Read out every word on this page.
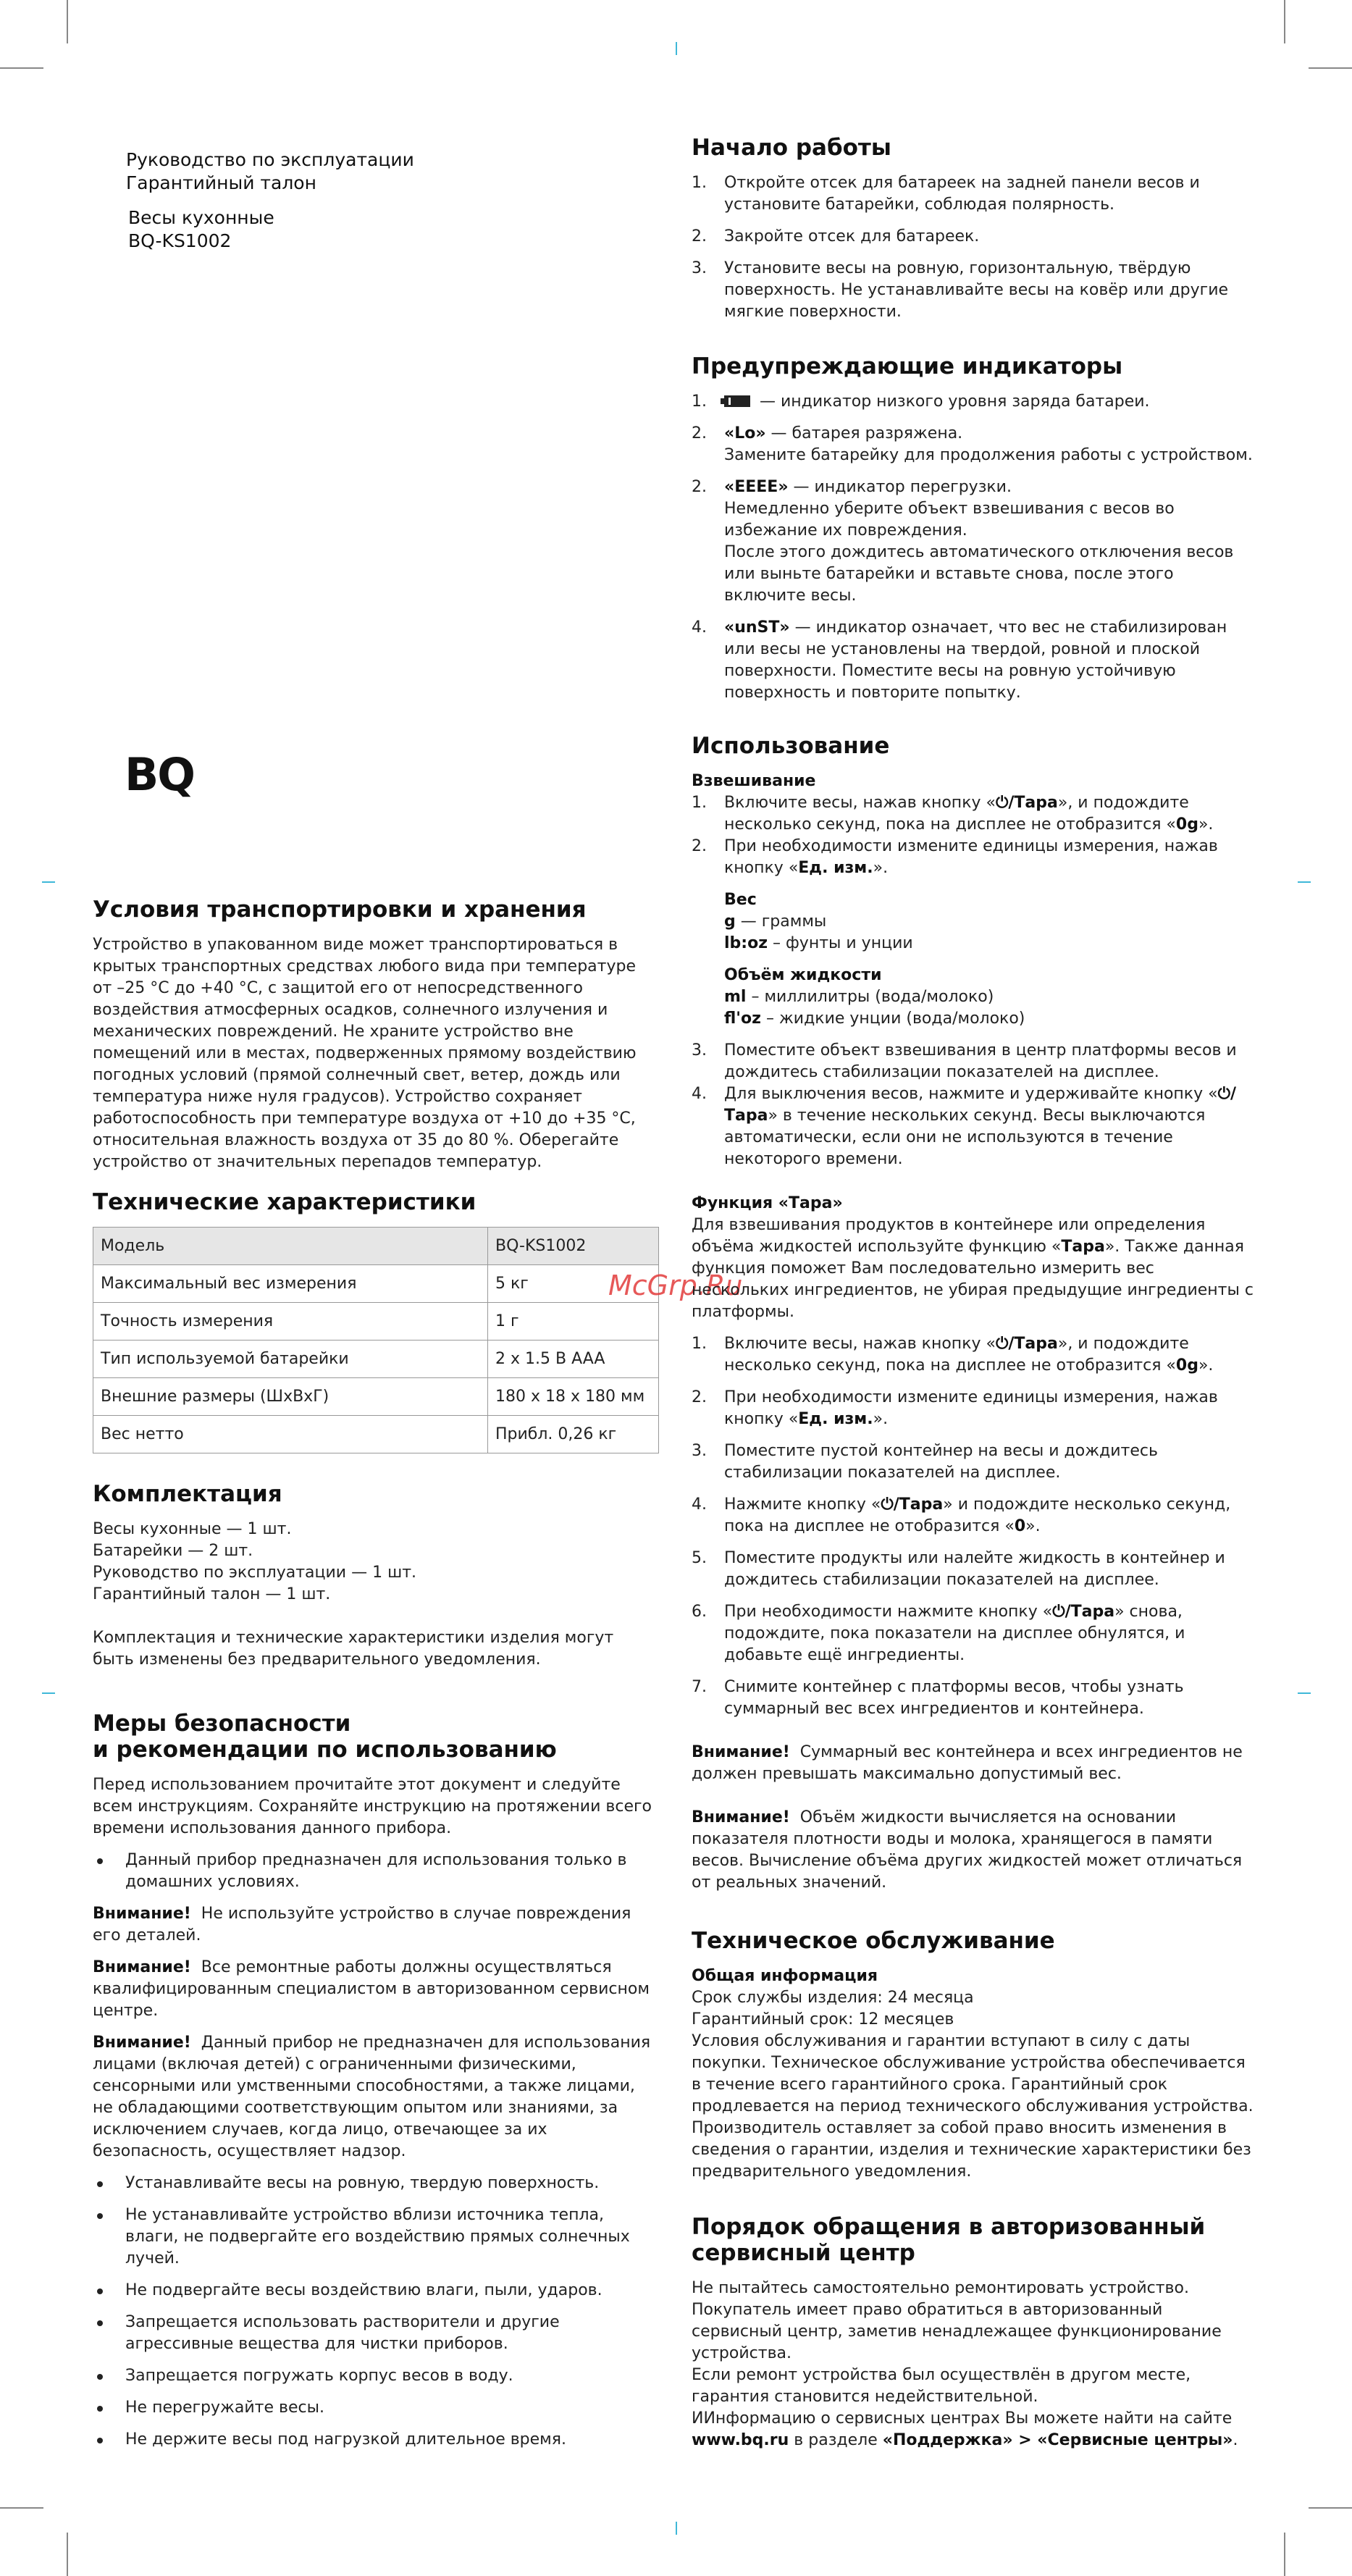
Руководство по эксплуатации
Гарантийный талон
Весы кухонные
BQ-KS1002
BQ
Условия транспортировки и хранения

Устройство в упакованном виде может транспортироваться в крытых транспортных средствах любого вида при температуре от –25 °C до +40 °C, с защитой его от непосредственного воздействия атмосферных осадков, солнечного излучения и механических повреждений. Не храните устройство вне помещений или в местах, подверженных прямому воздействию погодных условий (прямой солнечный свет, ветер, дождь или температура ниже нуля градусов). Устройство сохраняет работоспособность при температуре воздуха от +10 до +35 °C, относительная влажность воздуха от 35 до 80 %. Оберегайте устройство от значительных перепадов температур.

Технические характеристики
Модель	BQ-KS1002
Максимальный вес измерения	5 кг
Точность измерения	1 г
Тип используемой батарейки	2 x 1.5 В AAA
Внешние размеры (ШxВxГ)	180 x 18 x 180 мм
Вес нетто	Прибл. 0,26 кг
Комплектация

Весы кухонные — 1 шт.

Батарейки — 2 шт.

Руководство по эксплуатации — 1 шт.

Гарантийный талон — 1 шт.

Комплектация и технические характеристики изделия могут быть изменены без предварительного уведомления.

Меры безопасности
и рекомендации по использованию

Перед использованием прочитайте этот документ и следуйте всем инструкциям. Сохраняйте инструкцию на протяжении всего времени использования данного прибора.

Данный прибор предназначен для использования только в домашних условиях.

Внимание! Не используйте устройство в случае повреждения его деталей.

Внимание! Все ремонтные работы должны осуществляться квалифицированным специалистом в авторизованном сервисном центре.

Внимание! Данный прибор не предназначен для использования лицами (включая детей) с ограниченными физическими, сенсорными или умственными способностями, а также лицами, не обладающими соответствующим опытом или знаниями, за исключением случаев, когда лицо, отвечающее за их безопасность, осуществляет надзор.

Устанавливайте весы на ровную, твердую поверхность.
Не устанавливайте устройство вблизи источника тепла, влаги, не подвергайте его воздействию прямых солнечных лучей.
Не подвергайте весы воздействию влаги, пыли, ударов.
Запрещается использовать растворители и другие агрессивные вещества для чистки приборов.
Запрещается погружать корпус весов в воду.
Не перегружайте весы.
Не держите весы под нагрузкой длительное время.
McGrp.Ru
Начало работы
1. Откройте отсек для батареек на задней панели весов и установите батарейки, соблюдая полярность.
2. Закройте отсек для батареек.
3. Установите весы на ровную, горизонтальную, твёрдую поверхность. Не устанавливайте весы на ковёр или другие мягкие поверхности.
Предупреждающие индикаторы
1.	— индикатор низкого уровня заряда батареи.
2. «Lo» — батарея разряжена.
Замените батарейку для продолжения работы с устройством.
2. «EEEE» — индикатор перегрузки.
Немедленно уберите объект взвешивания с весов во избежание их повреждения.
После этого дождитесь автоматического отключения весов или выньте батарейки и вставьте снова, после этого включите весы.
4. «unST» — индикатор означает, что вес не стабилизирован или весы не установлены на твердой, ровной и плоской поверхности. Поместите весы на ровную устойчивую поверхность и повторите попытку.
Использование
Взвешивание
1. Включите весы, нажав кнопку «⏻/Тара», и подождите несколько секунд, пока на дисплее не отобразится «0g».
2. При необходимости измените единицы измерения, нажав кнопку «Ед. изм.».
Вес

g — граммы

lb:oz – фунты и унции

Объём жидкости

ml – миллилитры (вода/молоко)

fl'oz – жидкие унции (вода/молоко)

3. Поместите объект взвешивания в центр платформы весов и дождитесь стабилизации показателей на дисплее.
4. Для выключения весов, нажмите и удерживайте кнопку «⏻/Тара» в течение нескольких секунд. Весы выключаются автоматически, если они не используются в течение некоторого времени.
Функция «Тара»

Для взвешивания продуктов в контейнере или определения объёма жидкостей используйте функцию «Тара». Также данная функция поможет Вам последовательно измерить вес нескольких ингредиентов, не убирая предыдущие ингредиенты с платформы.

1. Включите весы, нажав кнопку «⏻/Тара», и подождите несколько секунд, пока на дисплее не отобразится «0g».
2. При необходимости измените единицы измерения, нажав кнопку «Ед. изм.».
3. Поместите пустой контейнер на весы и дождитесь стабилизации показателей на дисплее.
4. Нажмите кнопку «⏻/Тара» и подождите несколько секунд, пока на дисплее не отобразится «0».
5. Поместите продукты или налейте жидкость в контейнер и дождитесь стабилизации показателей на дисплее.
6. При необходимости нажмите кнопку «⏻/Тара» снова, подождите, пока показатели на дисплее обнулятся, и добавьте ещё ингредиенты.
7. Снимите контейнер с платформы весов, чтобы узнать суммарный вес всех ингредиентов и контейнера.

Внимание! Суммарный вес контейнера и всех ингредиентов не должен превышать максимально допустимый вес.

Внимание! Объём жидкости вычисляется на основании показателя плотности воды и молока, хранящегося в памяти весов. Вычисление объёма других жидкостей может отличаться от реальных значений.

Техническое обслуживание
Общая информация

Срок службы изделия: 24 месяца
Гарантийный срок: 12 месяцев
Условия обслуживания и гарантии вступают в силу с даты покупки. Техническое обслуживание устройства обеспечивается в течение всего гарантийного срока. Гарантийный срок продлевается на период технического обслуживания устройства. Производитель оставляет за собой право вносить изменения в сведения о гарантии, изделия и технические характеристики без предварительного уведомления.

Порядок обращения в авторизованный
сервисный центр

Не пытайтесь самостоятельно ремонтировать устройство. Покупатель имеет право обратиться в авторизованный сервисный центр, заметив ненадлежащее функционирование устройства.
Если ремонт устройства был осуществлён в другом месте, гарантия становится недействительной.

ИИнформацию о сервисных центрах Вы можете найти на сайте www.bq.ru в разделе «Поддержка» > «Сервисные центры».
